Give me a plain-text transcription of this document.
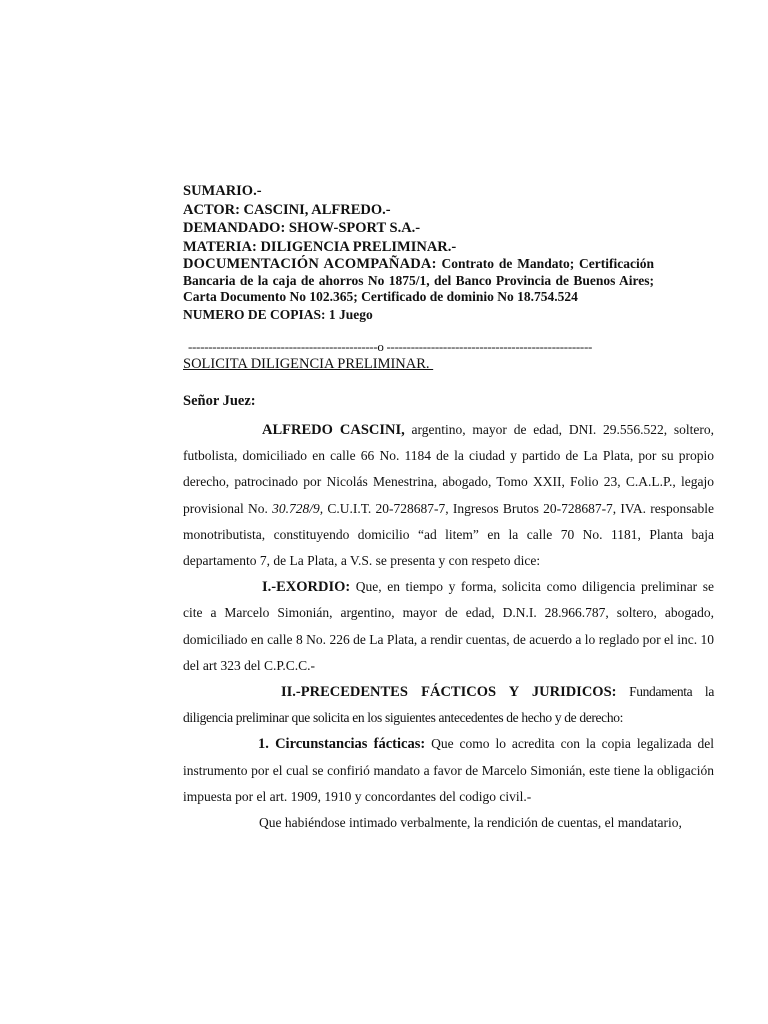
SUMARIO.-
ACTOR: CASCINI, ALFREDO.-
DEMANDADO: SHOW-SPORT S.A.-
MATERIA: DILIGENCIA PRELIMINAR.-
DOCUMENTACIÓN ACOMPAÑADA: Contrato de Mandato; Certificación Bancaria de la caja de ahorros No 1875/1, del Banco Provincia de Buenos Aires; Carta Documento No 102.365; Certificado de dominio No 18.754.524
NUMERO DE COPIAS: 1 Juego
-----------------------------------------------o ---------------------------------------------------
SOLICITA DILIGENCIA PRELIMINAR.
Señor Juez:

ALFREDO CASCINI, argentino, mayor de edad, DNI. 29.556.522, soltero, futbolista, domiciliado en calle 66 No. 1184 de la ciudad y partido de La Plata, por su propio derecho, patrocinado por Nicolás Menestrina, abogado, Tomo XXII, Folio 23, C.A.L.P., legajo provisional No. 30.728/9, C.U.I.T. 20-728687-7, Ingresos Brutos 20-728687-7, IVA. responsable monotributista, constituyendo domicilio “ad litem” en la calle 70 No. 1181, Planta baja departamento 7, de La Plata, a V.S. se presenta y con respeto dice:

I.-EXORDIO: Que, en tiempo y forma, solicita como diligencia preliminar se cite a Marcelo Simonián, argentino, mayor de edad, D.N.I. 28.966.787, soltero, abogado, domiciliado en calle 8 No. 226 de La Plata, a rendir cuentas, de acuerdo a lo reglado por el inc. 10 del art 323 del C.P.C.C.-

II.-PRECEDENTES FÁCTICOS Y JURIDICOS: Fundamenta la diligencia preliminar que solicita en los siguientes antecedentes de hecho y de derecho:

1. Circunstancias fácticas: Que como lo acredita con la copia legalizada del instrumento por el cual se confirió mandato a favor de Marcelo Simonián, este tiene la obligación impuesta por el art. 1909, 1910 y concordantes del codigo civil.-

Que habiéndose intimado verbalmente, la rendición de cuentas, el mandatario,
